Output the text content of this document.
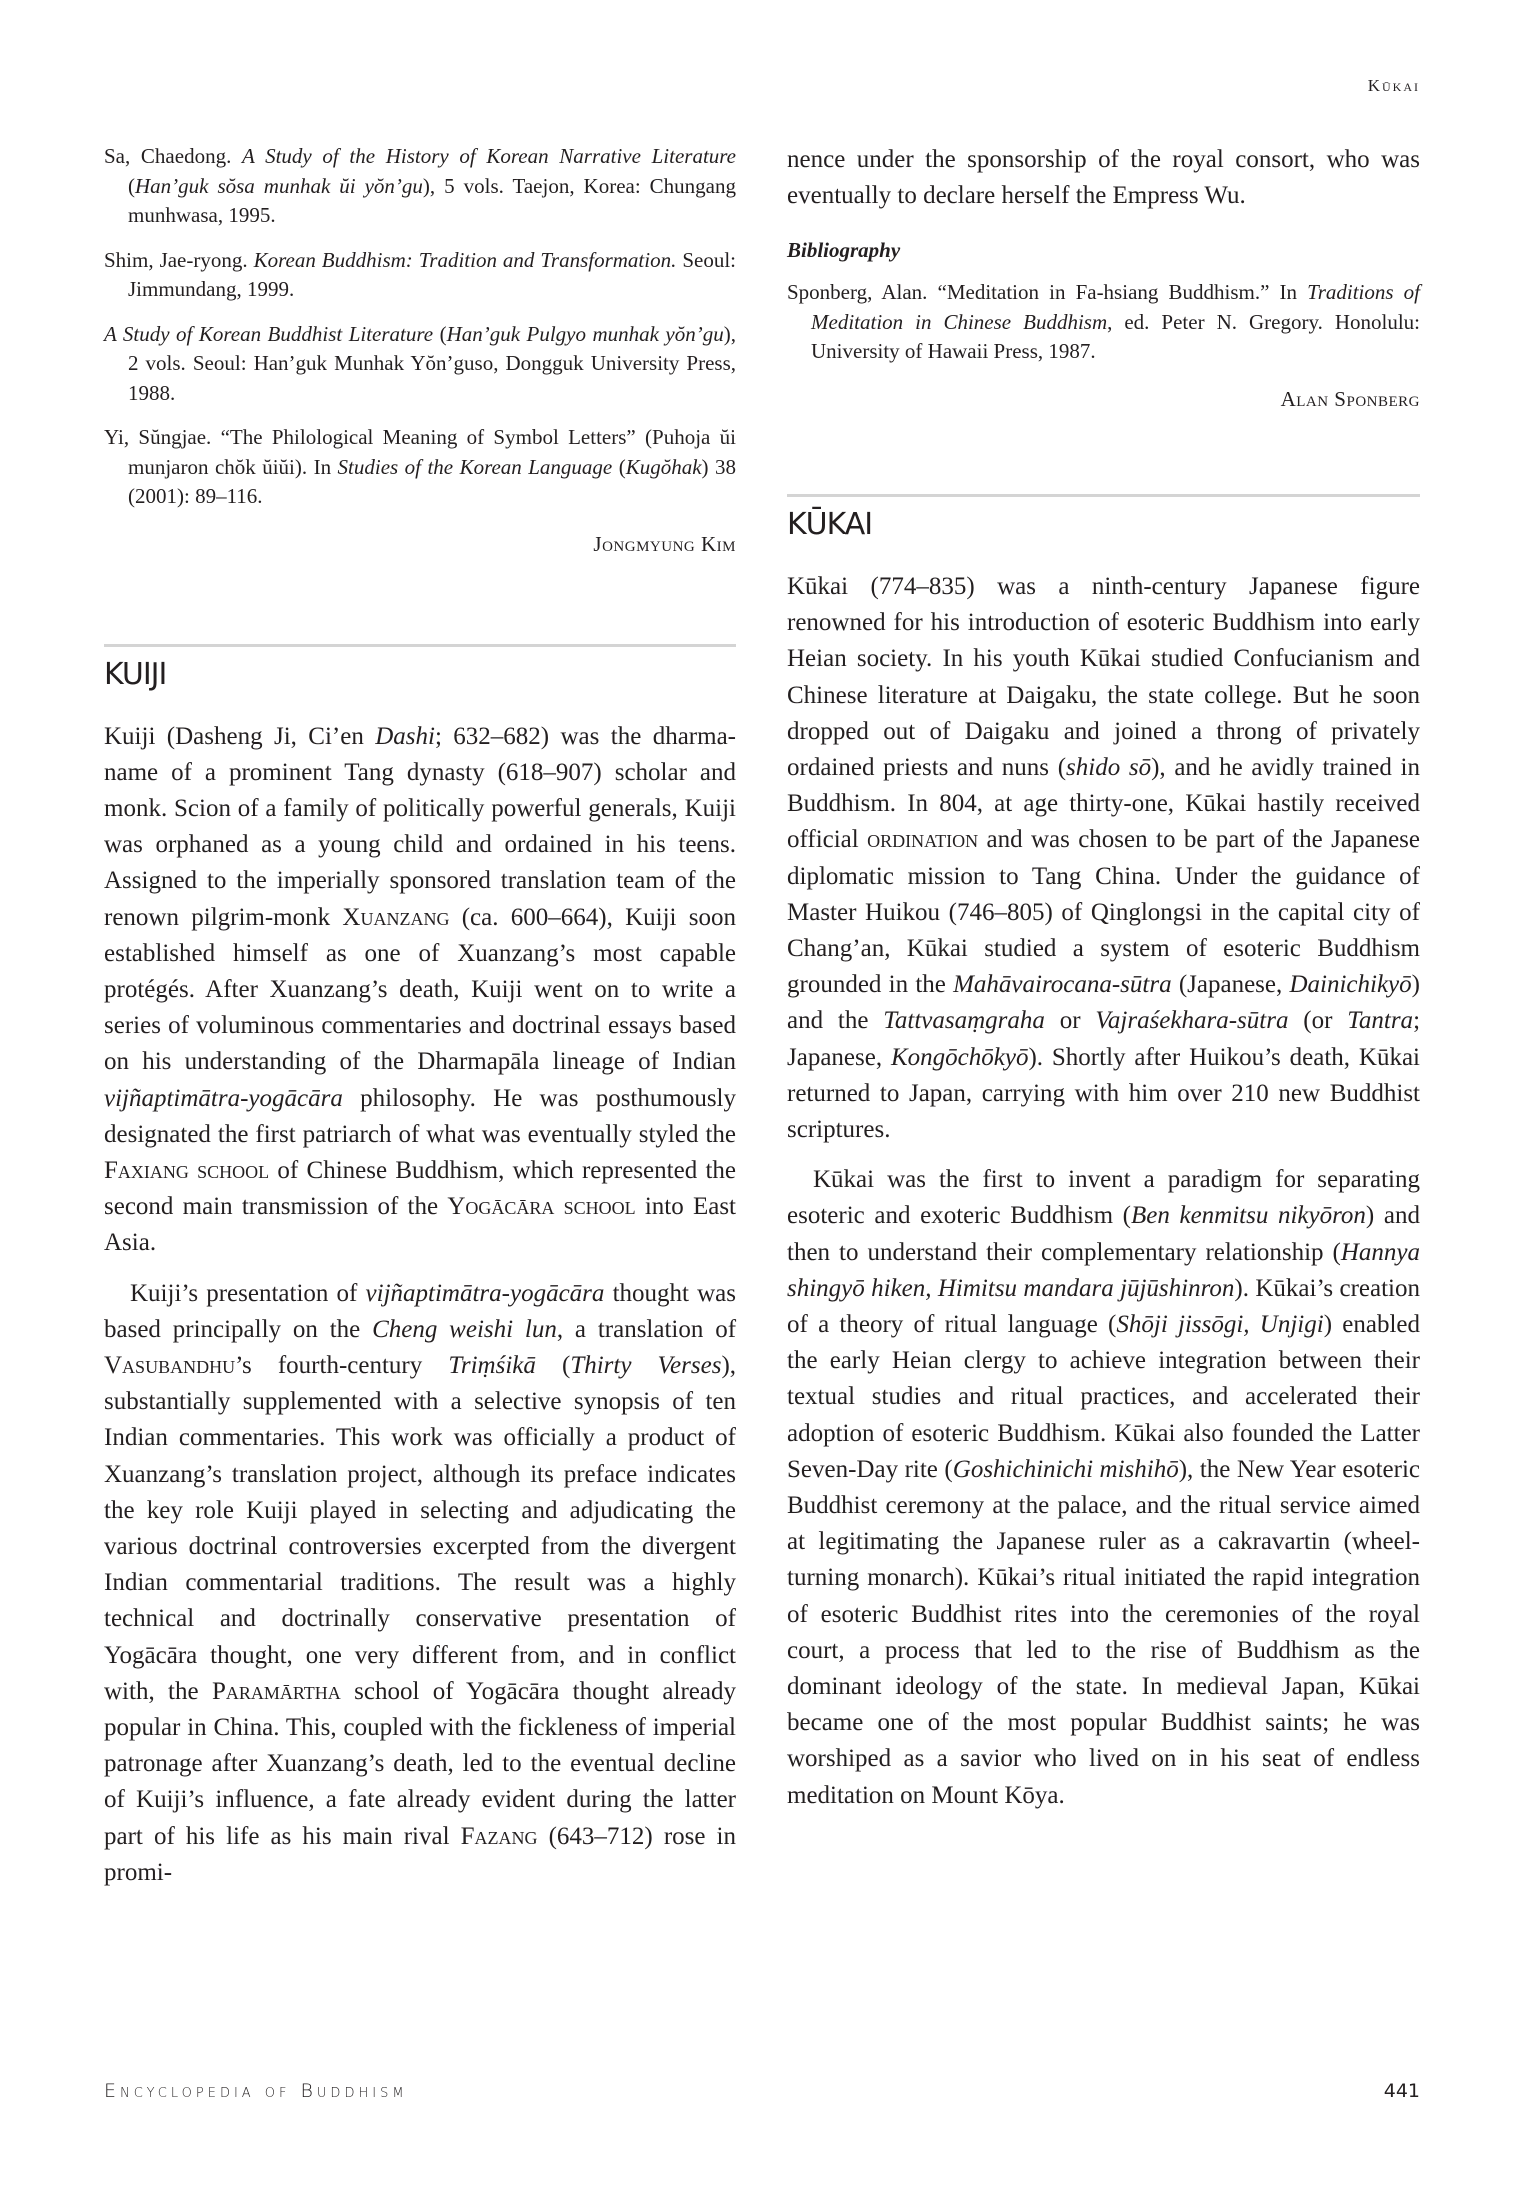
Kūkai

Sa, Chaedong. A Study of the History of Korean Narrative Literature (Han’guk sŏsa munhak ŭi yŏn’gu), 5 vols. Taejon, Korea: Chungang munhwasa, 1995.

Shim, Jae-ryong. Korean Buddhism: Tradition and Transformation. Seoul: Jimmundang, 1999.

A Study of Korean Buddhist Literature (Han’guk Pulgyo munhak yŏn’gu), 2 vols. Seoul: Han’guk Munhak Yŏn’guso, Dongguk University Press, 1988.

Yi, Sŭngjae. “The Philological Meaning of Symbol Letters” (Puhoja ŭi munjaron chŏk ŭiŭi). In Studies of the Korean Language (Kugŏhak) 38 (2001): 89–116.

Jongmyung Kim

KUIJI

Kuiji (Dasheng Ji, Ci’en Dashi; 632–682) was the dharma-name of a prominent Tang dynasty (618–907) scholar and monk. Scion of a family of politically powerful generals, Kuiji was orphaned as a young child and ordained in his teens. Assigned to the imperially sponsored translation team of the renown pilgrim-monk Xuanzang (ca. 600–664), Kuiji soon established himself as one of Xuanzang’s most capable protégés. After Xuanzang’s death, Kuiji went on to write a series of voluminous commentaries and doctrinal essays based on his understanding of the Dharmapāla lineage of Indian vijñaptimātra-yogācāra philosophy. He was posthumously designated the first patriarch of what was eventually styled the Faxiang school of Chinese Buddhism, which represented the second main transmission of the Yogācāra school into East Asia.

Kuiji’s presentation of vijñaptimātra-yogācāra thought was based principally on the Cheng weishi lun, a translation of Vasubandhu’s fourth-century Triṃśikā (Thirty Verses), substantially supplemented with a selective synopsis of ten Indian commentaries. This work was officially a product of Xuanzang’s translation project, although its preface indicates the key role Kuiji played in selecting and adjudicating the various doctrinal controversies excerpted from the divergent Indian commentarial traditions. The result was a highly technical and doctrinally conservative presentation of Yogācāra thought, one very different from, and in conflict with, the Paramārtha school of Yogācāra thought already popular in China. This, coupled with the fickleness of imperial patronage after Xuanzang’s death, led to the eventual decline of Kuiji’s influence, a fate already evident during the latter part of his life as his main rival Fazang (643–712) rose in promi-

nence under the sponsorship of the royal consort, who was eventually to declare herself the Empress Wu.

Bibliography

Sponberg, Alan. “Meditation in Fa-hsiang Buddhism.” In Traditions of Meditation in Chinese Buddhism, ed. Peter N. Gregory. Honolulu: University of Hawaii Press, 1987.

Alan Sponberg

KŪKAI

Kūkai (774–835) was a ninth-century Japanese figure renowned for his introduction of esoteric Buddhism into early Heian society. In his youth Kūkai studied Confucianism and Chinese literature at Daigaku, the state college. But he soon dropped out of Daigaku and joined a throng of privately ordained priests and nuns (shido sō), and he avidly trained in Buddhism. In 804, at age thirty-one, Kūkai hastily received official ordination and was chosen to be part of the Japanese diplomatic mission to Tang China. Under the guidance of Master Huikou (746–805) of Qinglongsi in the capital city of Chang’an, Kūkai studied a system of esoteric Buddhism grounded in the Mahāvairocana-sūtra (Japanese, Dainichikyō) and the Tattvasaṃgraha or Vajraśekhara-sūtra (or Tantra; Japanese, Kongōchōkyō). Shortly after Huikou’s death, Kūkai returned to Japan, carrying with him over 210 new Buddhist scriptures.

Kūkai was the first to invent a paradigm for separating esoteric and exoteric Buddhism (Ben kenmitsu nikyōron) and then to understand their complementary relationship (Hannya shingyō hiken, Himitsu mandara jūjūshinron). Kūkai’s creation of a theory of ritual language (Shōji jissōgi, Unjigi) enabled the early Heian clergy to achieve integration between their textual studies and ritual practices, and accelerated their adoption of esoteric Buddhism. Kūkai also founded the Latter Seven-Day rite (Goshichinichi mishihō), the New Year esoteric Buddhist ceremony at the palace, and the ritual service aimed at legitimating the Japanese ruler as a cakravartin (wheel-turning monarch). Kūkai’s ritual initiated the rapid integration of esoteric Buddhist rites into the ceremonies of the royal court, a process that led to the rise of Buddhism as the dominant ideology of the state. In medieval Japan, Kūkai became one of the most popular Buddhist saints; he was worshiped as a savior who lived on in his seat of endless meditation on Mount Kōya.

Encyclopedia of Buddhism	441
